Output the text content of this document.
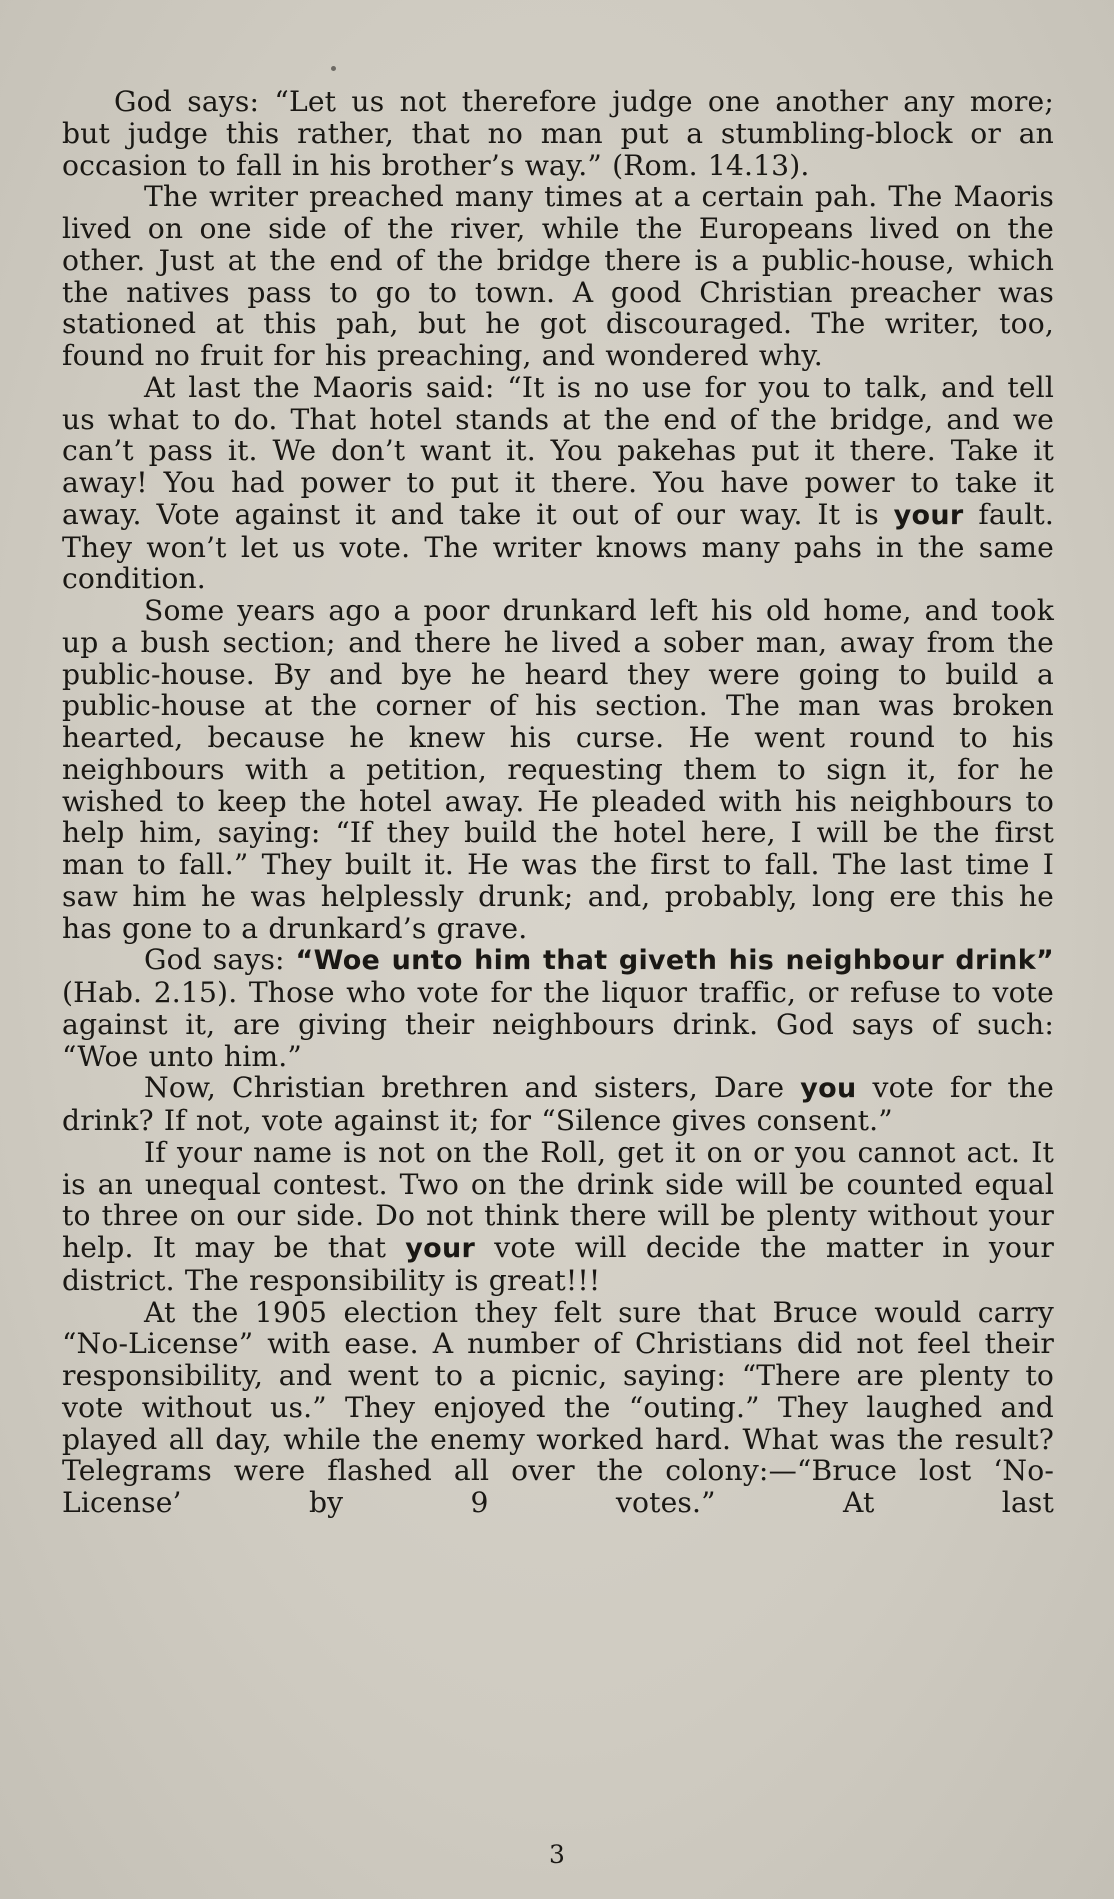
God says: “Let us not therefore judge one another any more; but judge this rather, that no man put a stumbling-block or an occasion to fall in his brother’s way.” (Rom. 14.13).

The writer preached many times at a certain pah. The Maoris lived on one side of the river, while the Europeans lived on the other. Just at the end of the bridge there is a public-house, which the natives pass to go to town. A good Christian preacher was stationed at this pah, but he got discouraged. The writer, too, found no fruit for his preaching, and wondered why.

At last the Maoris said: “It is no use for you to talk, and tell us what to do. That hotel stands at the end of the bridge, and we can’t pass it. We don’t want it. You pakehas put it there. Take it away! You had power to put it there. You have power to take it away. Vote against it and take it out of our way. It is your fault. They won’t let us vote. The writer knows many pahs in the same condition.

Some years ago a poor drunkard left his old home, and took up a bush section; and there he lived a sober man, away from the public-house. By and bye he heard they were going to build a public-house at the corner of his section. The man was broken hearted, because he knew his curse. He went round to his neighbours with a petition, requesting them to sign it, for he wished to keep the hotel away. He pleaded with his neighbours to help him, saying: “If they build the hotel here, I will be the first man to fall.” They built it. He was the first to fall. The last time I saw him he was helplessly drunk; and, probably, long ere this he has gone to a drunkard’s grave.

God says: “Woe unto him that giveth his neighbour drink” (Hab. 2.15). Those who vote for the liquor traffic, or refuse to vote against it, are giving their neighbours drink. God says of such: “Woe unto him.”

Now, Christian brethren and sisters, Dare you vote for the drink? If not, vote against it; for “Silence gives consent.”

If your name is not on the Roll, get it on or you cannot act. It is an unequal contest. Two on the drink side will be counted equal to three on our side. Do not think there will be plenty without your help. It may be that your vote will decide the matter in your district. The responsibility is great!!!

At the 1905 election they felt sure that Bruce would carry “No-License” with ease. A number of Christians did not feel their responsibility, and went to a picnic, saying: “There are plenty to vote without us.” They enjoyed the “outing.” They laughed and played all day, while the enemy worked hard. What was the result? Telegrams were flashed all over the colony:—“Bruce lost ‘No-License’ by 9 votes.” At last

3
